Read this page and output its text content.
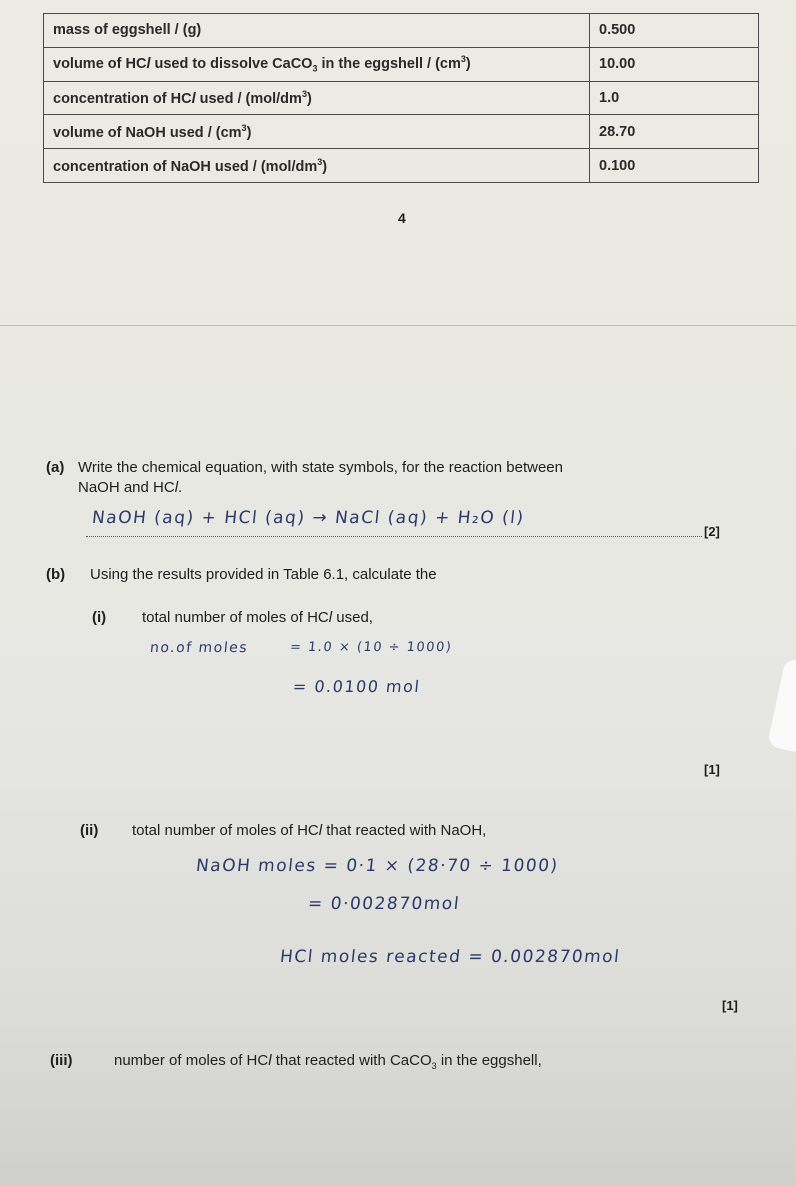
mass of eggshell / (g)	0.500
volume of HCl used to dissolve CaCO$_3$ in the eggshell / $(cm^3)$	10.00
concentration of HCl used / $(mol/dm^3)$	1.0
volume of NaOH used / $(cm^3)$	28.70
concentration of NaOH used / $(mol/dm^3)$	0.100
4
(a) Write the chemical equation, with state symbols, for the reaction between
NaOH and HCl.
NaOH (aq) + HCl (aq) → NaCl (aq) + H₂O (l)
[2]
(b) Using the results provided in Table 6.1, calculate the
(i) total number of moles of HCl used,
no.of moles	= 1.0 × (10 ÷ 1000)
= 0.0100 mol
[1]
(ii) total number of moles of HCl that reacted with NaOH,
NaOH moles = 0·1 × (28·70 ÷ 1000)
= 0·002870mol
HCl moles reacted = 0.002870mol
[1]
(iii)	number of moles of HCl that reacted with CaCO$_3$ in the eggshell,
